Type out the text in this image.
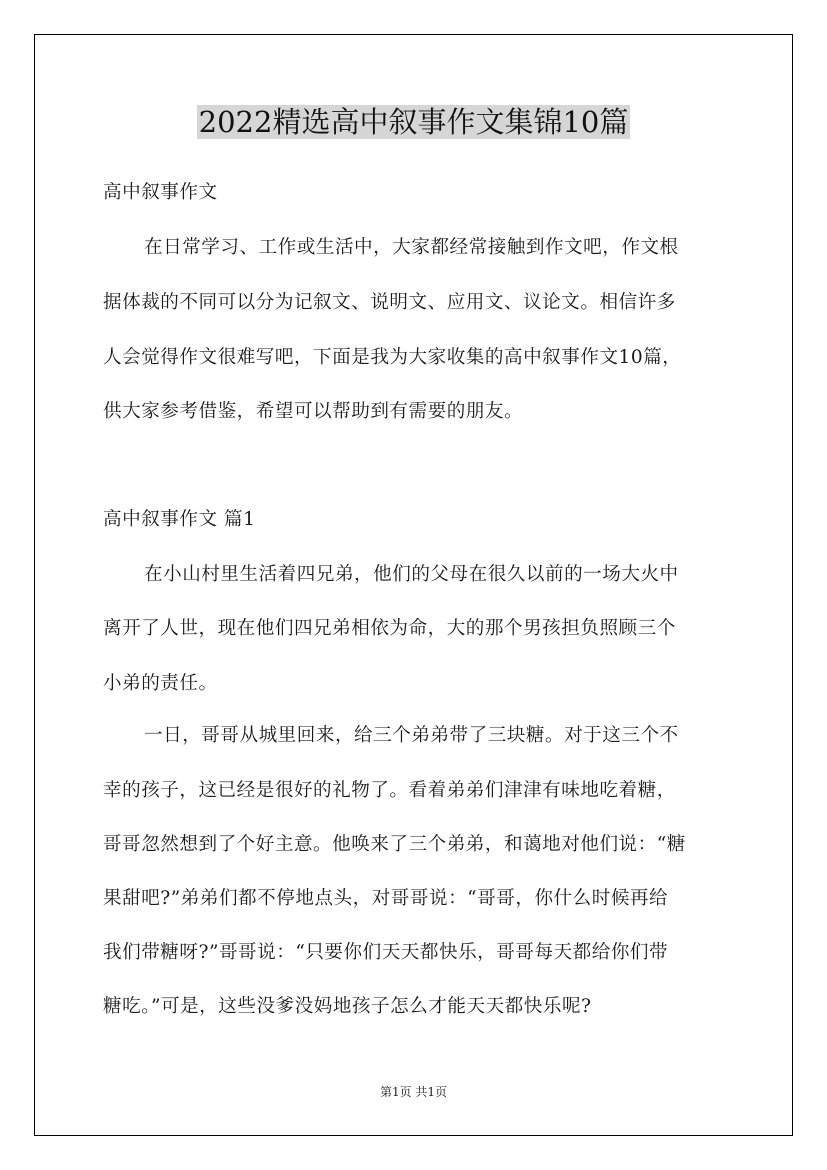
2022精选高中叙事作文集锦10篇
高中叙事作文
在日常学习、工作或生活中，大家都经常接触到作文吧，作文根
据体裁的不同可以分为记叙文、说明文、应用文、议论文。相信许多
人会觉得作文很难写吧，下面是我为大家收集的高中叙事作文10篇，
供大家参考借鉴，希望可以帮助到有需要的朋友。
高中叙事作文 篇1
在小山村里生活着四兄弟，他们的父母在很久以前的一场大火中
离开了人世，现在他们四兄弟相依为命，大的那个男孩担负照顾三个
小弟的责任。
一日，哥哥从城里回来，给三个弟弟带了三块糖。对于这三个不
幸的孩子，这已经是很好的礼物了。看着弟弟们津津有味地吃着糖，
哥哥忽然想到了个好主意。他唤来了三个弟弟，和蔼地对他们说：“糖
果甜吧?”弟弟们都不停地点头，对哥哥说：“哥哥，你什么时候再给
我们带糖呀?”哥哥说：“只要你们天天都快乐，哥哥每天都给你们带
糖吃。”可是，这些没爹没妈地孩子怎么才能天天都快乐呢?
第1页 共1页
